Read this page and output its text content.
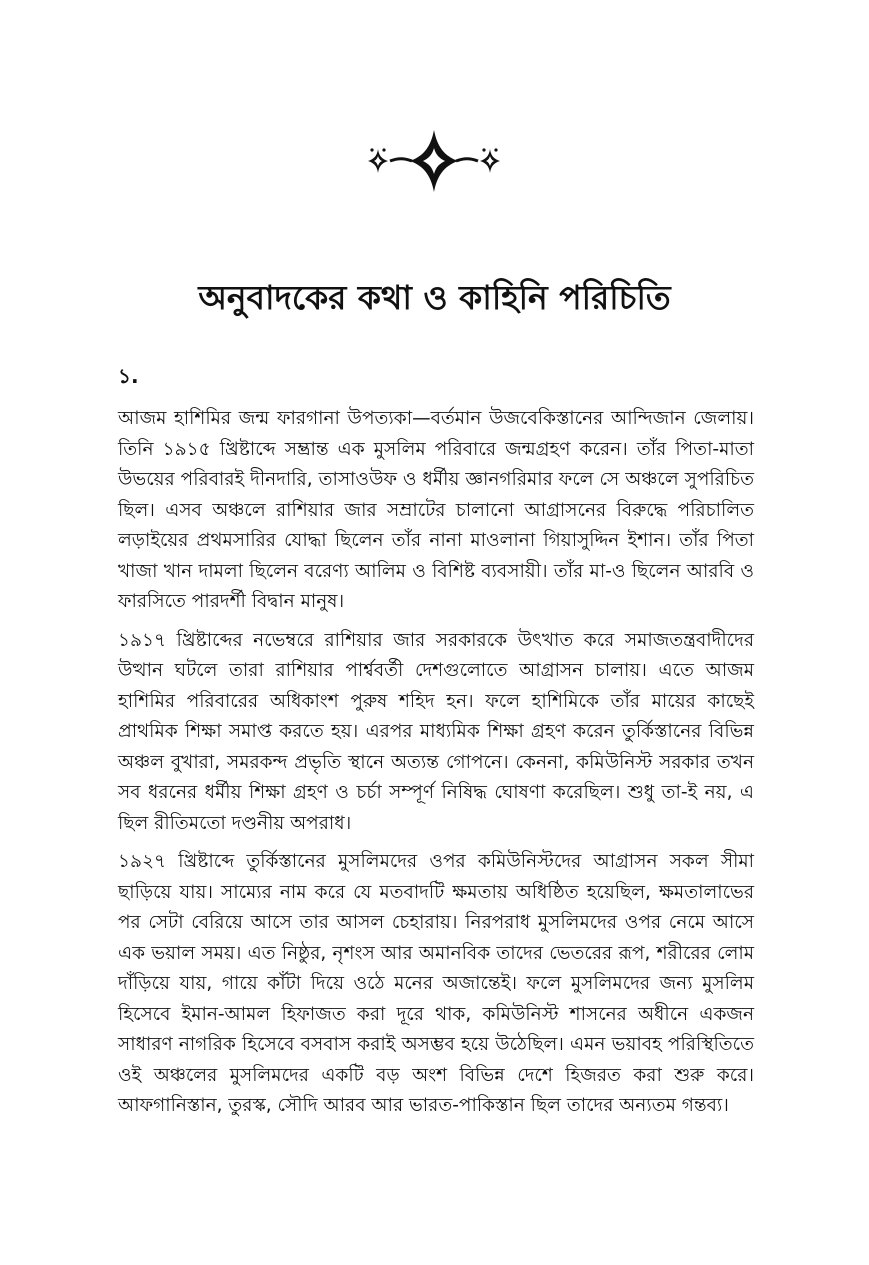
অনুবাদকের কথা ও কাহিনি পরিচিতি

১.

আজম হাশিমির জন্ম ফারগানা উপত্যকা—বর্তমান উজবেকিস্তানের আন্দিজান জেলায়। তিনি ১৯১৫ খ্রিষ্টাব্দে সম্ভ্রান্ত এক মুসলিম পরিবারে জন্মগ্রহণ করেন। তাঁর পিতা-মাতা উভয়ের পরিবারই দীনদারি, তাসাওউফ ও ধর্মীয় জ্ঞানগরিমার ফলে সে অঞ্চলে সুপরিচিত ছিল। এসব অঞ্চলে রাশিয়ার জার সম্রাটের চালানো আগ্রাসনের বিরুদ্ধে পরিচালিত লড়াইয়ের প্রথমসারির যোদ্ধা ছিলেন তাঁর নানা মাওলানা গিয়াসুদ্দিন ইশান। তাঁর পিতা খাজা খান দামলা ছিলেন বরেণ্য আলিম ও বিশিষ্ট ব্যবসায়ী। তাঁর মা-ও ছিলেন আরবি ও ফারসিতে পারদর্শী বিদ্বান মানুষ।

১৯১৭ খ্রিষ্টাব্দের নভেম্বরে রাশিয়ার জার সরকারকে উৎখাত করে সমাজতন্ত্রবাদীদের উত্থান ঘটলে তারা রাশিয়ার পার্শ্ববর্তী দেশগুলোতে আগ্রাসন চালায়। এতে আজম হাশিমির পরিবারের অধিকাংশ পুরুষ শহিদ হন। ফলে হাশিমিকে তাঁর মায়ের কাছেই প্রাথমিক শিক্ষা সমাপ্ত করতে হয়। এরপর মাধ্যমিক শিক্ষা গ্রহণ করেন তুর্কিস্তানের বিভিন্ন অঞ্চল বুখারা, সমরকন্দ প্রভৃতি স্থানে অত্যন্ত গোপনে। কেননা, কমিউনিস্ট সরকার তখন সব ধরনের ধর্মীয় শিক্ষা গ্রহণ ও চর্চা সম্পূর্ণ নিষিদ্ধ ঘোষণা করেছিল। শুধু তা-ই নয়, এ ছিল রীতিমতো দণ্ডনীয় অপরাধ।

১৯২৭ খ্রিষ্টাব্দে তুর্কিস্তানের মুসলিমদের ওপর কমিউনিস্টদের আগ্রাসন সকল সীমা ছাড়িয়ে যায়। সাম্যের নাম করে যে মতবাদটি ক্ষমতায় অধিষ্ঠিত হয়েছিল, ক্ষমতালাভের পর সেটা বেরিয়ে আসে তার আসল চেহারায়। নিরপরাধ মুসলিমদের ওপর নেমে আসে এক ভয়াল সময়। এত নিষ্ঠুর, নৃশংস আর অমানবিক তাদের ভেতরের রূপ, শরীরের লোম দাঁড়িয়ে যায়, গায়ে কাঁটা দিয়ে ওঠে মনের অজান্তেই। ফলে মুসলিমদের জন্য মুসলিম হিসেবে ইমান-আমল হিফাজত করা দূরে থাক, কমিউনিস্ট শাসনের অধীনে একজন সাধারণ নাগরিক হিসেবে বসবাস করাই অসম্ভব হয়ে উঠেছিল। এমন ভয়াবহ পরিস্থিতিতে ওই অঞ্চলের মুসলিমদের একটি বড় অংশ বিভিন্ন দেশে হিজরত করা শুরু করে। আফগানিস্তান, তুরস্ক, সৌদি আরব আর ভারত-পাকিস্তান ছিল তাদের অন্যতম গন্তব্য।
